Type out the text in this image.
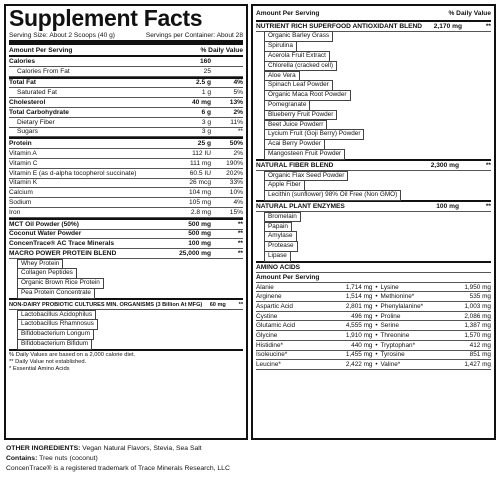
Supplement Facts
Serving Size: About 2 Scoops (40 g)	Servings per Container: About 28
Amount Per Serving	% Daily Value
Calories	160
Calories From Fat	25
Total Fat	2.5 g	4%
Saturated Fat	1 g	5%
Cholesterol	40 mg	13%
Total Carbohydrate	6 g	2%
Dietary Fiber	3 g	11%
Sugars	3 g	**
Protein	25 g	50%
Vitamin A	112 IU	2%
Vitamin C	111 mg	190%
Vitamin E (as d-alpha tocopherol succinate)	60.5 IU	202%
Vitamin K	26 mcg	33%
Calcium	104 mg	10%
Sodium	105 mg	4%
Iron	2.8 mg	15%
MCT Oil Powder (50%)	500 mg	**
Coconut Water Powder	500 mg	**
ConcenTrace® AC Trace Minerals	100 mg	**
MACRO POWER PROTEIN BLEND	25,000 mg	**
Whey Protein
Collagen Peptides
Organic Brown Rice Protein
Pea Protein Concentrate
NON-DAIRY PROBIOTIC CULTURES MIN. ORGANISMS (3 Billion At MFG)	60 mg	**
Lactobacillus Acidophilus
Lactobacillus Rhamnosus
Bifidobacterium Longum
Bifidobacterium Bifidum
% Daily Values are based on a 2,000 calorie diet.
** Daily Value not established.
* Essential Amino Acids
Amount Per Serving	% Daily Value
NUTRIENT RICH SUPERFOOD ANTIOXIDANT BLEND	2,170 mg	**
Organic Barley Grass
Spirulina
Acerola Fruit Extract
Chlorella (cracked cell)
Aloe Vera
Spinach Leaf Powder
Organic Maca Root Powder
Pomegranate
Blueberry Fruit Powder
Beet Juice Powderr
Lycium Fruit (Goji Berry) Powder
Acai Berry Powder
Mangosteen Fruit Powder
NATURAL FIBER BLEND	2,300 mg	**
Organic Flax Seed Powder
Apple Fiber
Lecithin (sunflower) 98% Oil Free (Non GMO)
NATURAL PLANT ENZYMES	100 mg	**
Bromelain
Papain
Amylase
Protease
Lipase
AMINO ACIDS
Amount Per Serving
Alanie	1,714 mg • Lysine	1,950 mg
Arginene	1,514 mg • Methionine*	535 mg
Aspartic Acid	2,801 mg • Phenylalanine*	1,003 mg
Cystine	496 mg • Proline	2,086 mg
Glutamic Acid	4,555 mg • Serine	1,387 mg
Glycine	1,910 mg • Threonine	1,570 mg
Histidine*	440 mg • Tryptophan*	412 mg
Isoleucine*	1,455 mg • Tyrosine	851 mg
Leucine*	2,422 mg • Valine*	1,427 mg
OTHER INGREDIENTS: Vegan Natural Flavors, Stevia, Sea Salt
Contains: Tree nuts (coconut)
ConcenTrace® is a registered trademark of Trace Minerals Research, LLC
